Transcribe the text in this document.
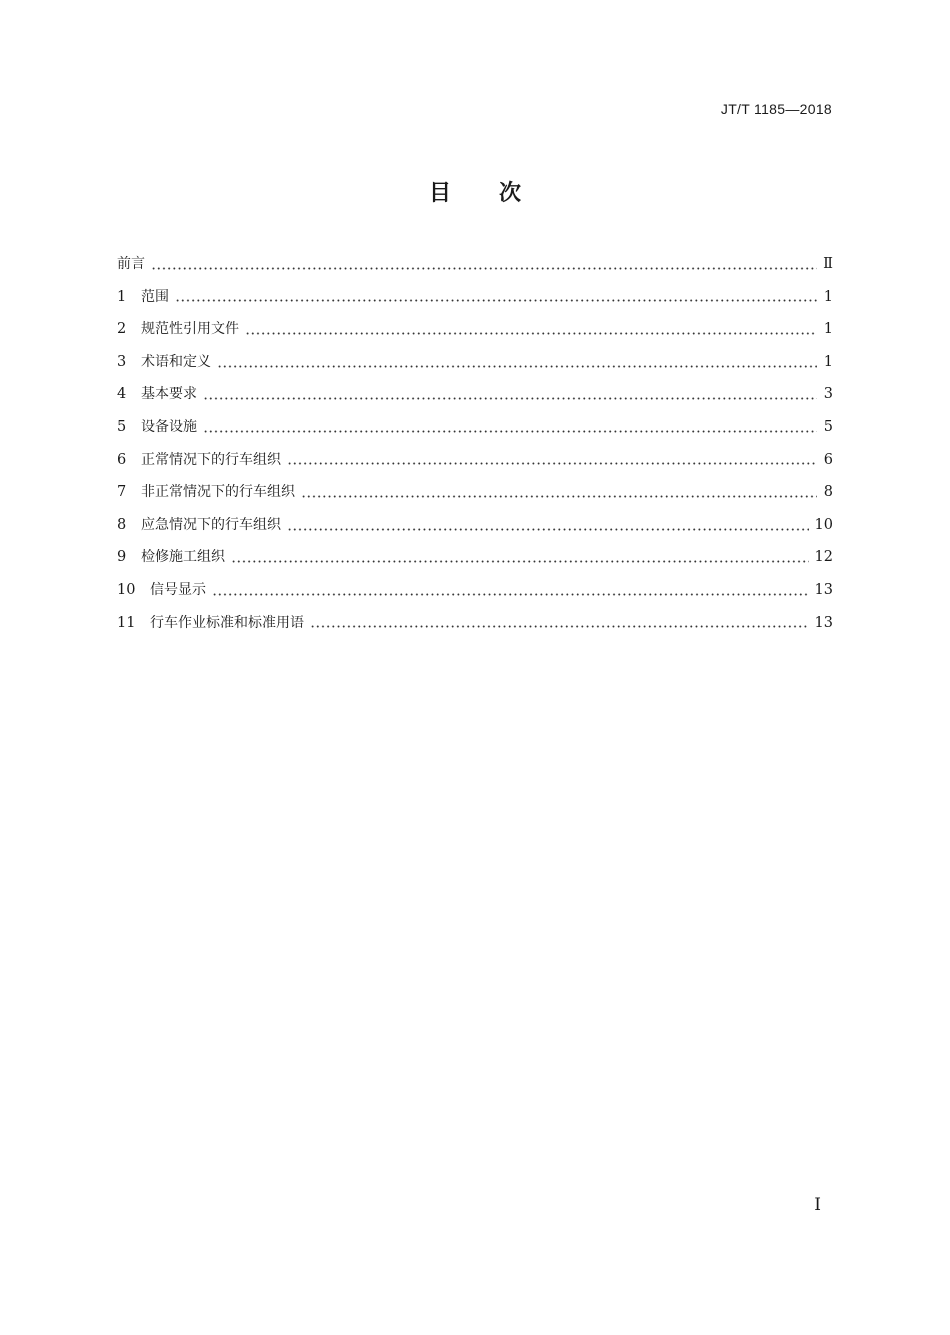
JT/T 1185—2018
目次
前言	Ⅱ
1	范围	1
2	规范性引用文件	1
3	术语和定义	1
4	基本要求	3
5	设备设施	5
6	正常情况下的行车组织	6
7	非正常情况下的行车组织	8
8	应急情况下的行车组织	10
9	检修施工组织	12
10	信号显示	13
11	行车作业标准和标准用语	13
I
